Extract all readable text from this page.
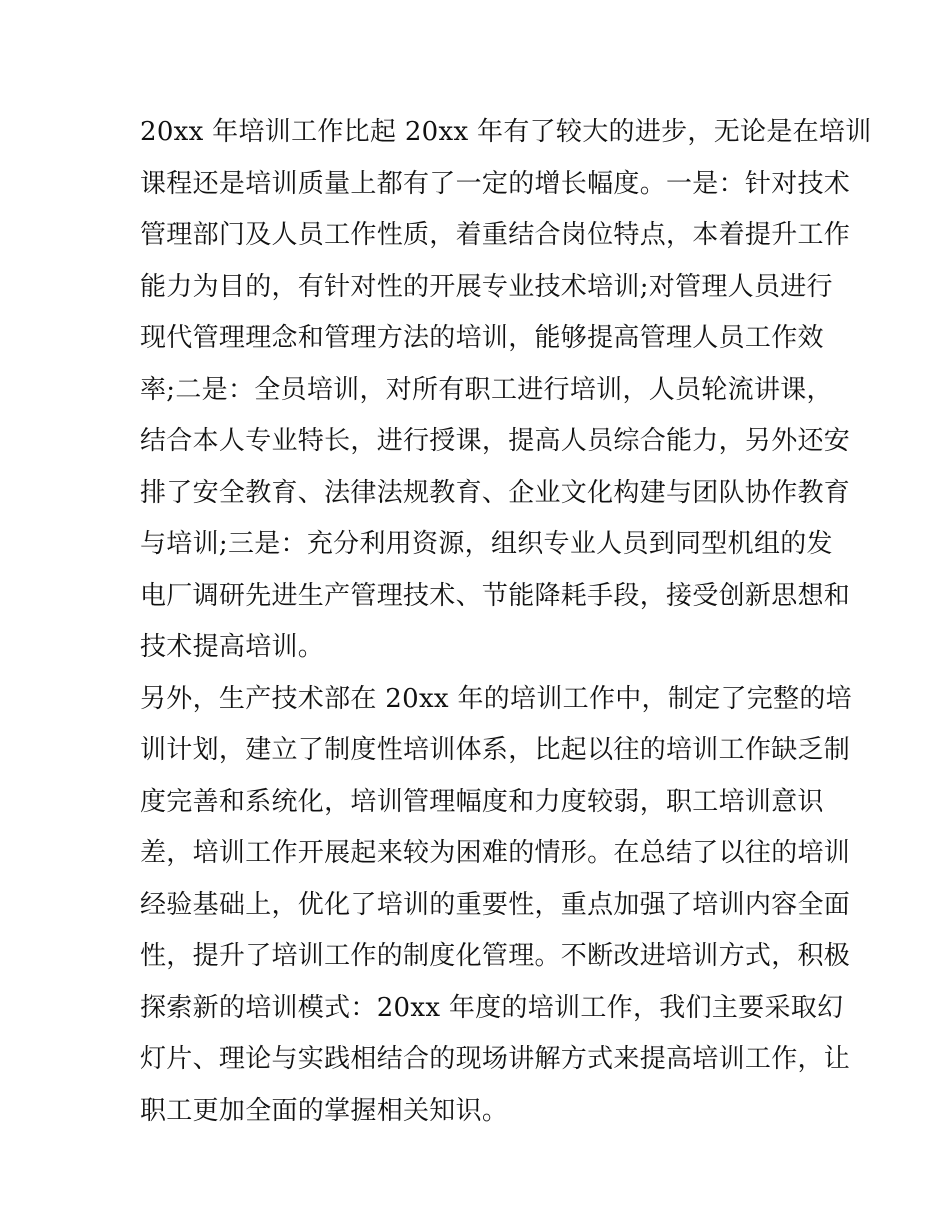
20xx 年培训工作比起 20xx 年有了较大的进步，无论是在培训
课程还是培训质量上都有了一定的增长幅度。一是：针对技术
管理部门及人员工作性质，着重结合岗位特点，本着提升工作
能力为目的，有针对性的开展专业技术培训;对管理人员进行
现代管理理念和管理方法的培训，能够提高管理人员工作效
率;二是：全员培训，对所有职工进行培训，人员轮流讲课，
结合本人专业特长，进行授课，提高人员综合能力，另外还安
排了安全教育、法律法规教育、企业文化构建与团队协作教育
与培训;三是：充分利用资源，组织专业人员到同型机组的发
电厂调研先进生产管理技术、节能降耗手段，接受创新思想和
技术提高培训。
另外，生产技术部在 20xx 年的培训工作中，制定了完整的培
训计划，建立了制度性培训体系，比起以往的培训工作缺乏制
度完善和系统化，培训管理幅度和力度较弱，职工培训意识
差，培训工作开展起来较为困难的情形。在总结了以往的培训
经验基础上，优化了培训的重要性，重点加强了培训内容全面
性，提升了培训工作的制度化管理。不断改进培训方式，积极
探索新的培训模式：20xx 年度的培训工作，我们主要采取幻
灯片、理论与实践相结合的现场讲解方式来提高培训工作，让
职工更加全面的掌握相关知识。
